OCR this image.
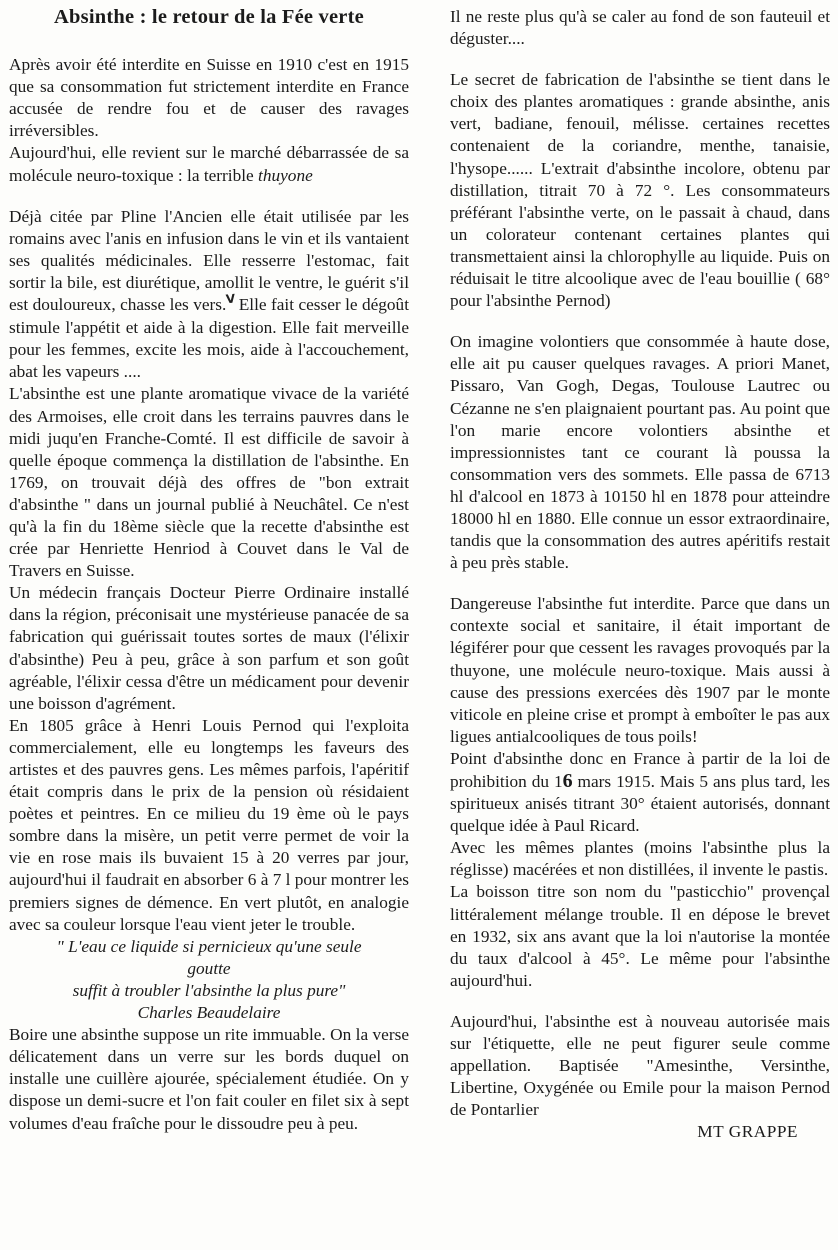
Absinthe : le retour de la Fée verte

Après avoir été interdite en Suisse en 1910 c'est en 1915 que sa consommation fut strictement interdite en France accusée de rendre fou et de causer des ravages irréversibles.

Aujourd'hui, elle revient sur le marché débarrassée de sa molécule neuro-toxique : la terrible thuyone

Déjà citée par Pline l'Ancien elle était utilisée par les romains avec l'anis en infusion dans le vin et ils vantaient ses qualités médicinales. Elle resserre l'estomac, fait sortir la bile, est diurétique, amollit le ventre, le guérit s'il est douloureux, chasse les vers.V Elle fait cesser le dégoût stimule l'appétit et aide à la digestion. Elle fait merveille pour les femmes, excite les mois, aide à l'accouchement, abat les vapeurs ....

L'absinthe est une plante aromatique vivace de la variété des Armoises, elle croit dans les terrains pauvres dans le midi juqu'en Franche-Comté. Il est difficile de savoir à quelle époque commença la distillation de l'absinthe. En 1769, on trouvait déjà des offres de "bon extrait d'absinthe " dans un journal publié à Neuchâtel. Ce n'est qu'à la fin du 18ème siècle que la recette d'absinthe est crée par Henriette Henriod à Couvet dans le Val de Travers en Suisse.

Un médecin français Docteur Pierre Ordinaire installé dans la région, préconisait une mystérieuse panacée de sa fabrication qui guérissait toutes sortes de maux (l'élixir d'absinthe) Peu à peu, grâce à son parfum et son goût agréable, l'élixir cessa d'être un médicament pour devenir une boisson d'agrément.

En 1805 grâce à Henri Louis Pernod qui l'exploita commercialement, elle eu longtemps les faveurs des artistes et des pauvres gens. Les mêmes parfois, l'apéritif était compris dans le prix de la pension où résidaient poètes et peintres. En ce milieu du 19 ème où le pays sombre dans la misère, un petit verre permet de voir la vie en rose mais ils buvaient 15 à 20 verres par jour, aujourd'hui il faudrait en absorber 6 à 7 l pour montrer les premiers signes de démence. En vert plutôt, en analogie avec sa couleur lorsque l'eau vient jeter le trouble.

" L'eau ce liquide si pernicieux qu'une seule
goutte
suffit à troubler l'absinthe la plus pure"
Charles Beaudelaire

Boire une absinthe suppose un rite immuable. On la verse délicatement dans un verre sur les bords duquel on installe une cuillère ajourée, spécialement étudiée. On y dispose un demi-sucre et l'on fait couler en filet six à sept volumes d'eau fraîche pour le dissoudre peu à peu.

Il ne reste plus qu'à se caler au fond de son fauteuil et déguster....

Le secret de fabrication de l'absinthe se tient dans le choix des plantes aromatiques : grande absinthe, anis vert, badiane, fenouil, mélisse. certaines recettes contenaient de la coriandre, menthe, tanaisie, l'hysope...... L'extrait d'absinthe incolore, obtenu par distillation, titrait 70 à 72 °. Les consommateurs préférant l'absinthe verte, on le passait à chaud, dans un colorateur contenant certaines plantes qui transmettaient ainsi la chlorophylle au liquide. Puis on réduisait le titre alcoolique avec de l'eau bouillie ( 68° pour l'absinthe Pernod)

On imagine volontiers que consommée à haute dose, elle ait pu causer quelques ravages. A priori Manet, Pissaro, Van Gogh, Degas, Toulouse Lautrec ou Cézanne ne s'en plaignaient pourtant pas. Au point que l'on marie encore volontiers absinthe et impressionnistes tant ce courant là poussa la consommation vers des sommets. Elle passa de 6713 hl d'alcool en 1873 à 10150 hl en 1878 pour atteindre 18000 hl en 1880. Elle connue un essor extraordinaire, tandis que la consommation des autres apéritifs restait à peu près stable.

Dangereuse l'absinthe fut interdite. Parce que dans un contexte social et sanitaire, il était important de légiférer pour que cessent les ravages provoqués par la thuyone, une molécule neuro-toxique. Mais aussi à cause des pressions exercées dès 1907 par le monte viticole en pleine crise et prompt à emboîter le pas aux ligues antialcooliques de tous poils!

Point d'absinthe donc en France à partir de la loi de prohibition du 16 mars 1915. Mais 5 ans plus tard, les spiritueux anisés titrant 30° étaient autorisés, donnant quelque idée à Paul Ricard.

Avec les mêmes plantes (moins l'absinthe plus la réglisse) macérées et non distillées, il invente le pastis.

La boisson titre son nom du "pasticchio" provençal littéralement mélange trouble. Il en dépose le brevet en 1932, six ans avant que la loi n'autorise la montée du taux d'alcool à 45°. Le même pour l'absinthe aujourd'hui.

Aujourd'hui, l'absinthe est à nouveau autorisée mais sur l'étiquette, elle ne peut figurer seule comme appellation. Baptisée "Amesinthe, Versinthe, Libertine, Oxygénée ou Emile pour la maison Pernod de Pontarlier

MT GRAPPE
